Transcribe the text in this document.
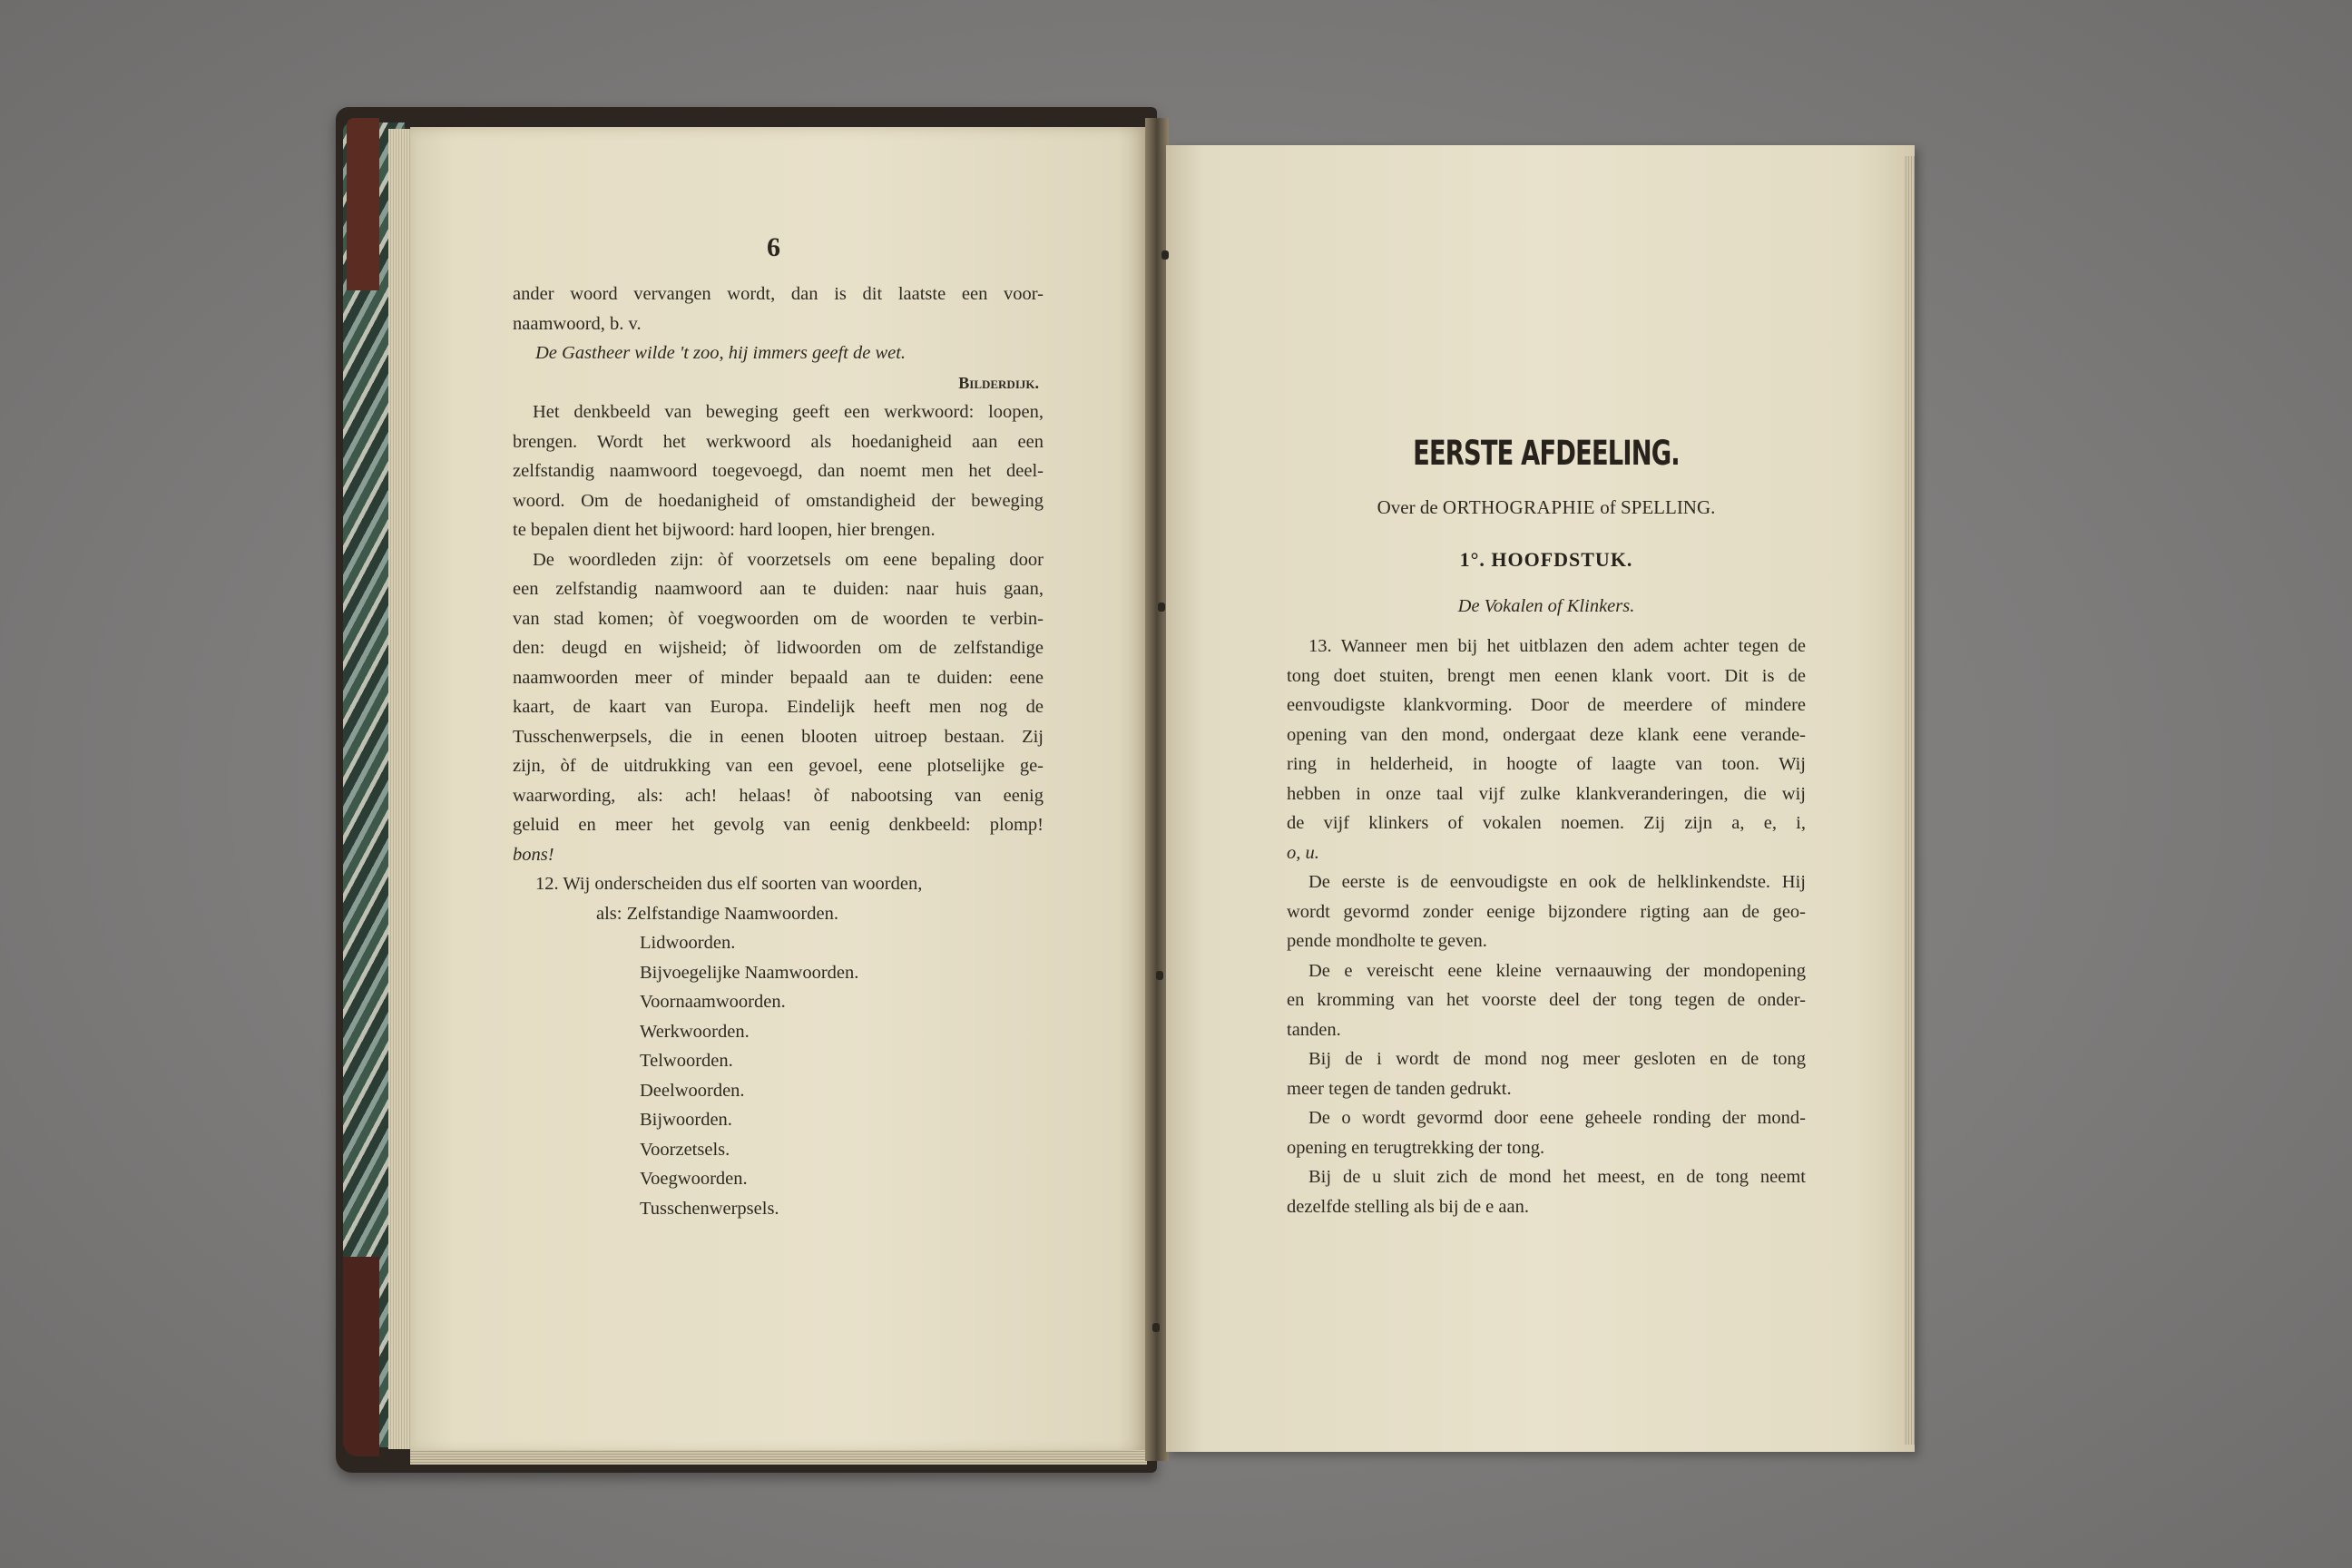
6

ander woord vervangen wordt, dan is dit laatste een voor-

naamwoord, b. v.

De Gastheer wilde 't zoo, hij immers geeft de wet.

Bilderdijk.

Het denkbeeld van beweging geeft een werkwoord: loopen,

brengen. Wordt het werkwoord als hoedanigheid aan een

zelfstandig naamwoord toegevoegd, dan noemt men het deel-

woord. Om de hoedanigheid of omstandigheid der beweging

te bepalen dient het bijwoord: hard loopen, hier brengen.

De woordleden zijn: òf voorzetsels om eene bepaling door

een zelfstandig naamwoord aan te duiden: naar huis gaan,

van stad komen; òf voegwoorden om de woorden te verbin-

den: deugd en wijsheid; òf lidwoorden om de zelfstandige

naamwoorden meer of minder bepaald aan te duiden: eene

kaart, de kaart van Europa. Eindelijk heeft men nog de

Tusschenwerpsels, die in eenen blooten uitroep bestaan. Zij

zijn, òf de uitdrukking van een gevoel, eene plotselijke ge-

waarwording, als: ach! helaas! òf nabootsing van eenig

geluid en meer het gevolg van eenig denkbeeld: plomp!

bons!

12. Wij onderscheiden dus elf soorten van woorden,

als: Zelfstandige Naamwoorden.

Lidwoorden.

Bijvoegelijke Naamwoorden.

Voornaamwoorden.

Werkwoorden.

Telwoorden.

Deelwoorden.

Bijwoorden.

Voorzetsels.

Voegwoorden.

Tusschenwerpsels.

EERSTE AFDEELING.
Over de ORTHOGRAPHIE of SPELLING.
1°. HOOFDSTUK.
De Vokalen of Klinkers.

13. Wanneer men bij het uitblazen den adem achter tegen de

tong doet stuiten, brengt men eenen klank voort. Dit is de

eenvoudigste klankvorming. Door de meerdere of mindere

opening van den mond, ondergaat deze klank eene verande-

ring in helderheid, in hoogte of laagte van toon. Wij

hebben in onze taal vijf zulke klankveranderingen, die wij

de vijf klinkers of vokalen noemen. Zij zijn a, e, i,

o, u.

De eerste is de eenvoudigste en ook de helklinkendste. Hij

wordt gevormd zonder eenige bijzondere rigting aan de geo-

pende mondholte te geven.

De e vereischt eene kleine vernaauwing der mondopening

en kromming van het voorste deel der tong tegen de onder-

tanden.

Bij de i wordt de mond nog meer gesloten en de tong

meer tegen de tanden gedrukt.

De o wordt gevormd door eene geheele ronding der mond-

opening en terugtrekking der tong.

Bij de u sluit zich de mond het meest, en de tong neemt

dezelfde stelling als bij de e aan.
